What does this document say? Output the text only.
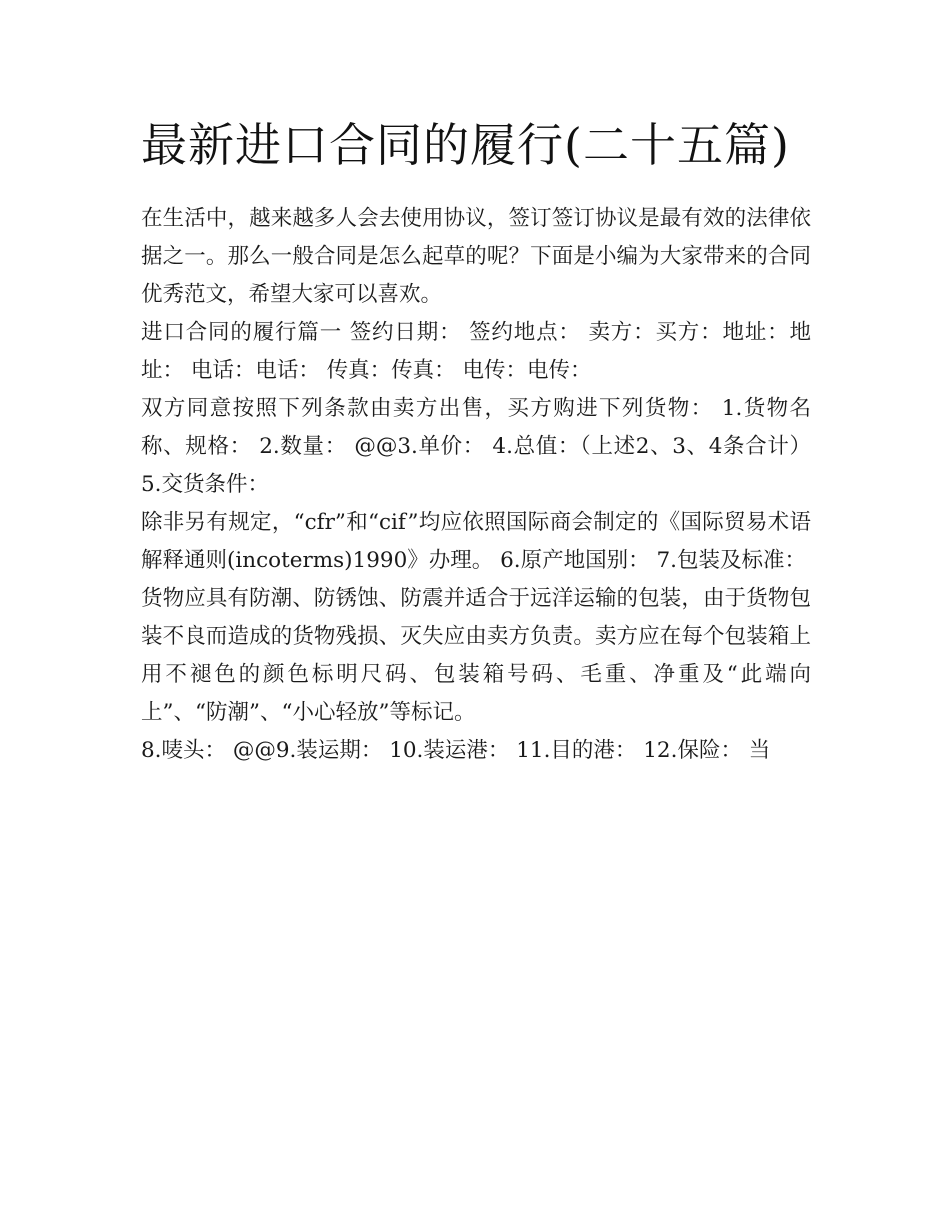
最新进口合同的履行(二十五篇)

在生活中，越来越多人会去使用协议，签订签订协议是最有效的法律依据之一。那么一般合同是怎么起草的呢？下面是小编为大家带来的合同优秀范文，希望大家可以喜欢。

进口合同的履行篇一 签约日期： 签约地点： 卖方：买方：地址：地址： 电话：电话： 传真：传真： 电传：电传：

双方同意按照下列条款由卖方出售，买方购进下列货物： 1.货物名称、规格： 2.数量： @@3.单价： 4.总值：（上述2、3、4条合计）5.交货条件：

除非另有规定，“cfr”和“cif”均应依照国际商会制定的《国际贸易术语解释通则(incoterms)1990》办理。 6.原产地国别： 7.包装及标准：

货物应具有防潮、防锈蚀、防震并适合于远洋运输的包装，由于货物包装不良而造成的货物残损、灭失应由卖方负责。卖方应在每个包装箱上用不褪色的颜色标明尺码、包装箱号码、毛重、净重及“此端向上”、“防潮”、“小心轻放”等标记。

8.唛头： @@9.装运期： 10.装运港： 11.目的港： 12.保险： 当
